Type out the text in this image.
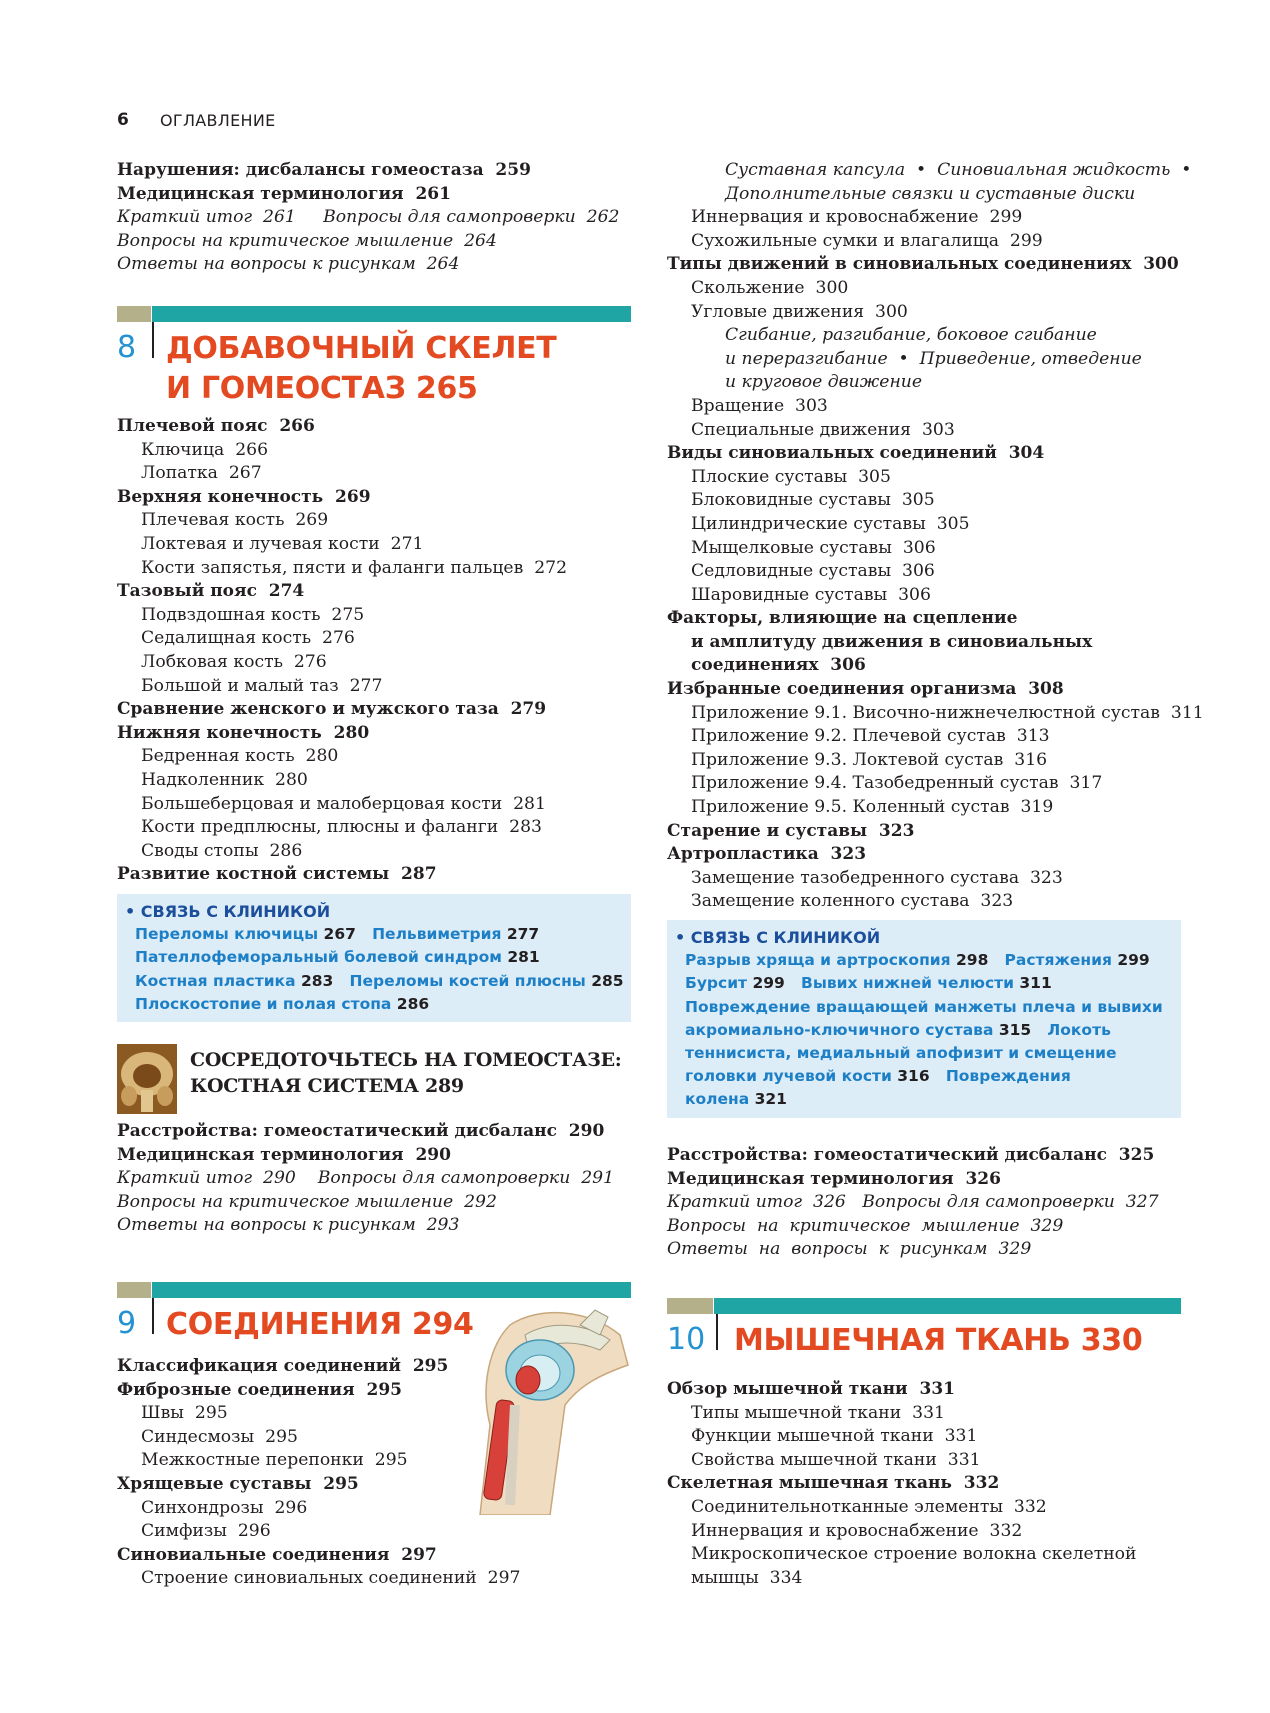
6 ОГЛАВЛЕНИЕ
Нарушения: дисбалансы гомеостаза  259
Медицинская терминология  261
Краткий итог  261     Вопросы для самопроверки  262
Вопросы на критическое мышление  264
Ответы на вопросы к рисункам  264
8 ДОБАВОЧНЫЙ СКЕЛЕТ
И ГОМЕОСТАЗ 265
Плечевой пояс  266
Ключица  266
Лопатка  267
Верхняя конечность  269
Плечевая кость  269
Локтевая и лучевая кости  271
Кости запястья, пясти и фаланги пальцев  272
Тазовый пояс  274
Подвздошная кость  275
Седалищная кость  276
Лобковая кость  276
Большой и малый таз  277
Сравнение женского и мужского таза  279
Нижняя конечность  280
Бедренная кость  280
Надколенник  280
Большеберцовая и малоберцовая кости  281
Кости предплюсны, плюсны и фаланги  283
Своды стопы  286
Развитие костной системы  287
• СВЯЗЬ С КЛИНИКОЙ
Переломы ключицы 267   Пельвиметрия 277
Пателлофеморальный болевой синдром 281
Костная пластика 283   Переломы костей плюсны 285
Плоскостопие и полая стопа 286
СОСРЕДОТОЧЬТЕСЬ НА ГОМЕОСТАЗЕ:
КОСТНАЯ СИСТЕМА 289
Расстройства: гомеостатический дисбаланс  290
Медицинская терминология  290
Краткий итог  290    Вопросы для самопроверки  291
Вопросы на критическое мышление  292
Ответы на вопросы к рисункам  293
9 СОЕДИНЕНИЯ 294
Классификация соединений  295
Фиброзные соединения  295
Швы  295
Синдесмозы  295
Межкостные перепонки  295
Хрящевые суставы  295
Синхондрозы  296
Симфизы  296
Синовиальные соединения  297
Строение синовиальных соединений  297
Суставная капсула  •  Синовиальная жидкость  •
Дополнительные связки и суставные диски
Иннервация и кровоснабжение  299
Сухожильные сумки и влагалища  299
Типы движений в синовиальных соединениях  300
Скольжение  300
Угловые движения  300
Сгибание, разгибание, боковое сгибание
и переразгибание  •  Приведение, отведение
и круговое движение
Вращение  303
Специальные движения  303
Виды синовиальных соединений  304
Плоские суставы  305
Блоковидные суставы  305
Цилиндрические суставы  305
Мыщелковые суставы  306
Седловидные суставы  306
Шаровидные суставы  306
Факторы, влияющие на сцепление
и амплитуду движения в синовиальных
соединениях  306
Избранные соединения организма  308
Приложение 9.1. Височно-нижнечелюстной сустав  311
Приложение 9.2. Плечевой сустав  313
Приложение 9.3. Локтевой сустав  316
Приложение 9.4. Тазобедренный сустав  317
Приложение 9.5. Коленный сустав  319
Старение и суставы  323
Артропластика  323
Замещение тазобедренного сустава  323
Замещение коленного сустава  323
• СВЯЗЬ С КЛИНИКОЙ
Разрыв хряща и артроскопия 298   Растяжения 299
Бурсит 299   Вывих нижней челюсти 311
Повреждение вращающей манжеты плеча и вывихи
акромиально-ключичного сустава 315   Локоть
теннисиста, медиальный апофизит и смещение
головки лучевой кости 316   Повреждения
колена 321
Расстройства: гомеостатический дисбаланс  325
Медицинская терминология  326
Краткий итог  326   Вопросы для самопроверки  327
Вопросы  на  критическое  мышление  329
Ответы  на  вопросы  к  рисункам  329
10 МЫШЕЧНАЯ ТКАНЬ 330
Обзор мышечной ткани  331
Типы мышечной ткани  331
Функции мышечной ткани  331
Свойства мышечной ткани  331
Скелетная мышечная ткань  332
Соединительнотканные элементы  332
Иннервация и кровоснабжение  332
Микроскопическое строение волокна скелетной
мышцы  334
